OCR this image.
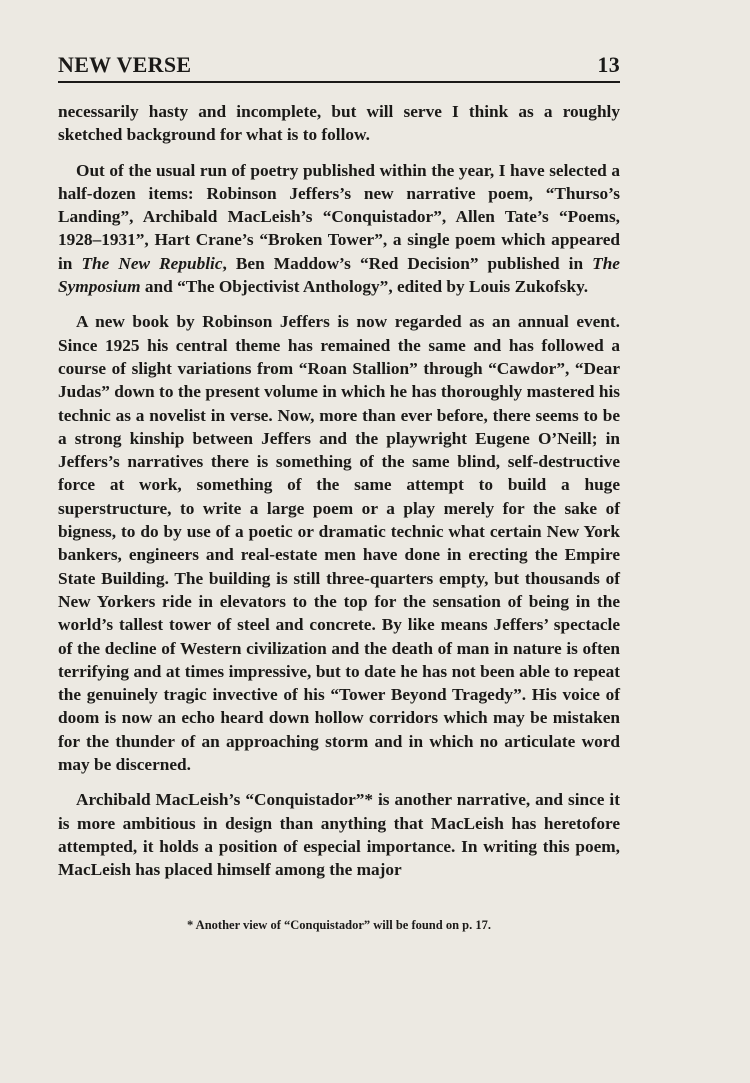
NEW VERSE	13

necessarily hasty and incomplete, but will serve I think as a roughly sketched background for what is to follow.

Out of the usual run of poetry published within the year, I have selected a half-dozen items: Robinson Jeffers’s new narrative poem, “Thurso’s Landing”, Archibald MacLeish’s “Conquistador”, Allen Tate’s “Poems, 1928–1931”, Hart Crane’s “Broken Tower”, a single poem which appeared in The New Republic, Ben Maddow’s “Red Decision” published in The Symposium and “The Objectivist Anthology”, edited by Louis Zukofsky.

A new book by Robinson Jeffers is now regarded as an annual event. Since 1925 his central theme has remained the same and has followed a course of slight variations from “Roan Stallion” through “Cawdor”, “Dear Judas” down to the present volume in which he has thoroughly mastered his technic as a novelist in verse. Now, more than ever before, there seems to be a strong kinship between Jeffers and the playwright Eugene O’Neill; in Jeffers’s narratives there is something of the same blind, self-destructive force at work, something of the same attempt to build a huge superstructure, to write a large poem or a play merely for the sake of bigness, to do by use of a poetic or dramatic technic what certain New York bankers, engineers and real-estate men have done in erecting the Empire State Building. The building is still three-quarters empty, but thousands of New Yorkers ride in elevators to the top for the sensation of being in the world’s tallest tower of steel and concrete. By like means Jeffers’ spectacle of the decline of Western civilization and the death of man in nature is often terrifying and at times impressive, but to date he has not been able to repeat the genuinely tragic invective of his “Tower Beyond Tragedy”. His voice of doom is now an echo heard down hollow corridors which may be mistaken for the thunder of an approaching storm and in which no articulate word may be discerned.

Archibald MacLeish’s “Conquistador”* is another narrative, and since it is more ambitious in design than anything that MacLeish has heretofore attempted, it holds a position of especial importance. In writing this poem, MacLeish has placed himself among the major

* Another view of “Conquistador” will be found on p. 17.
